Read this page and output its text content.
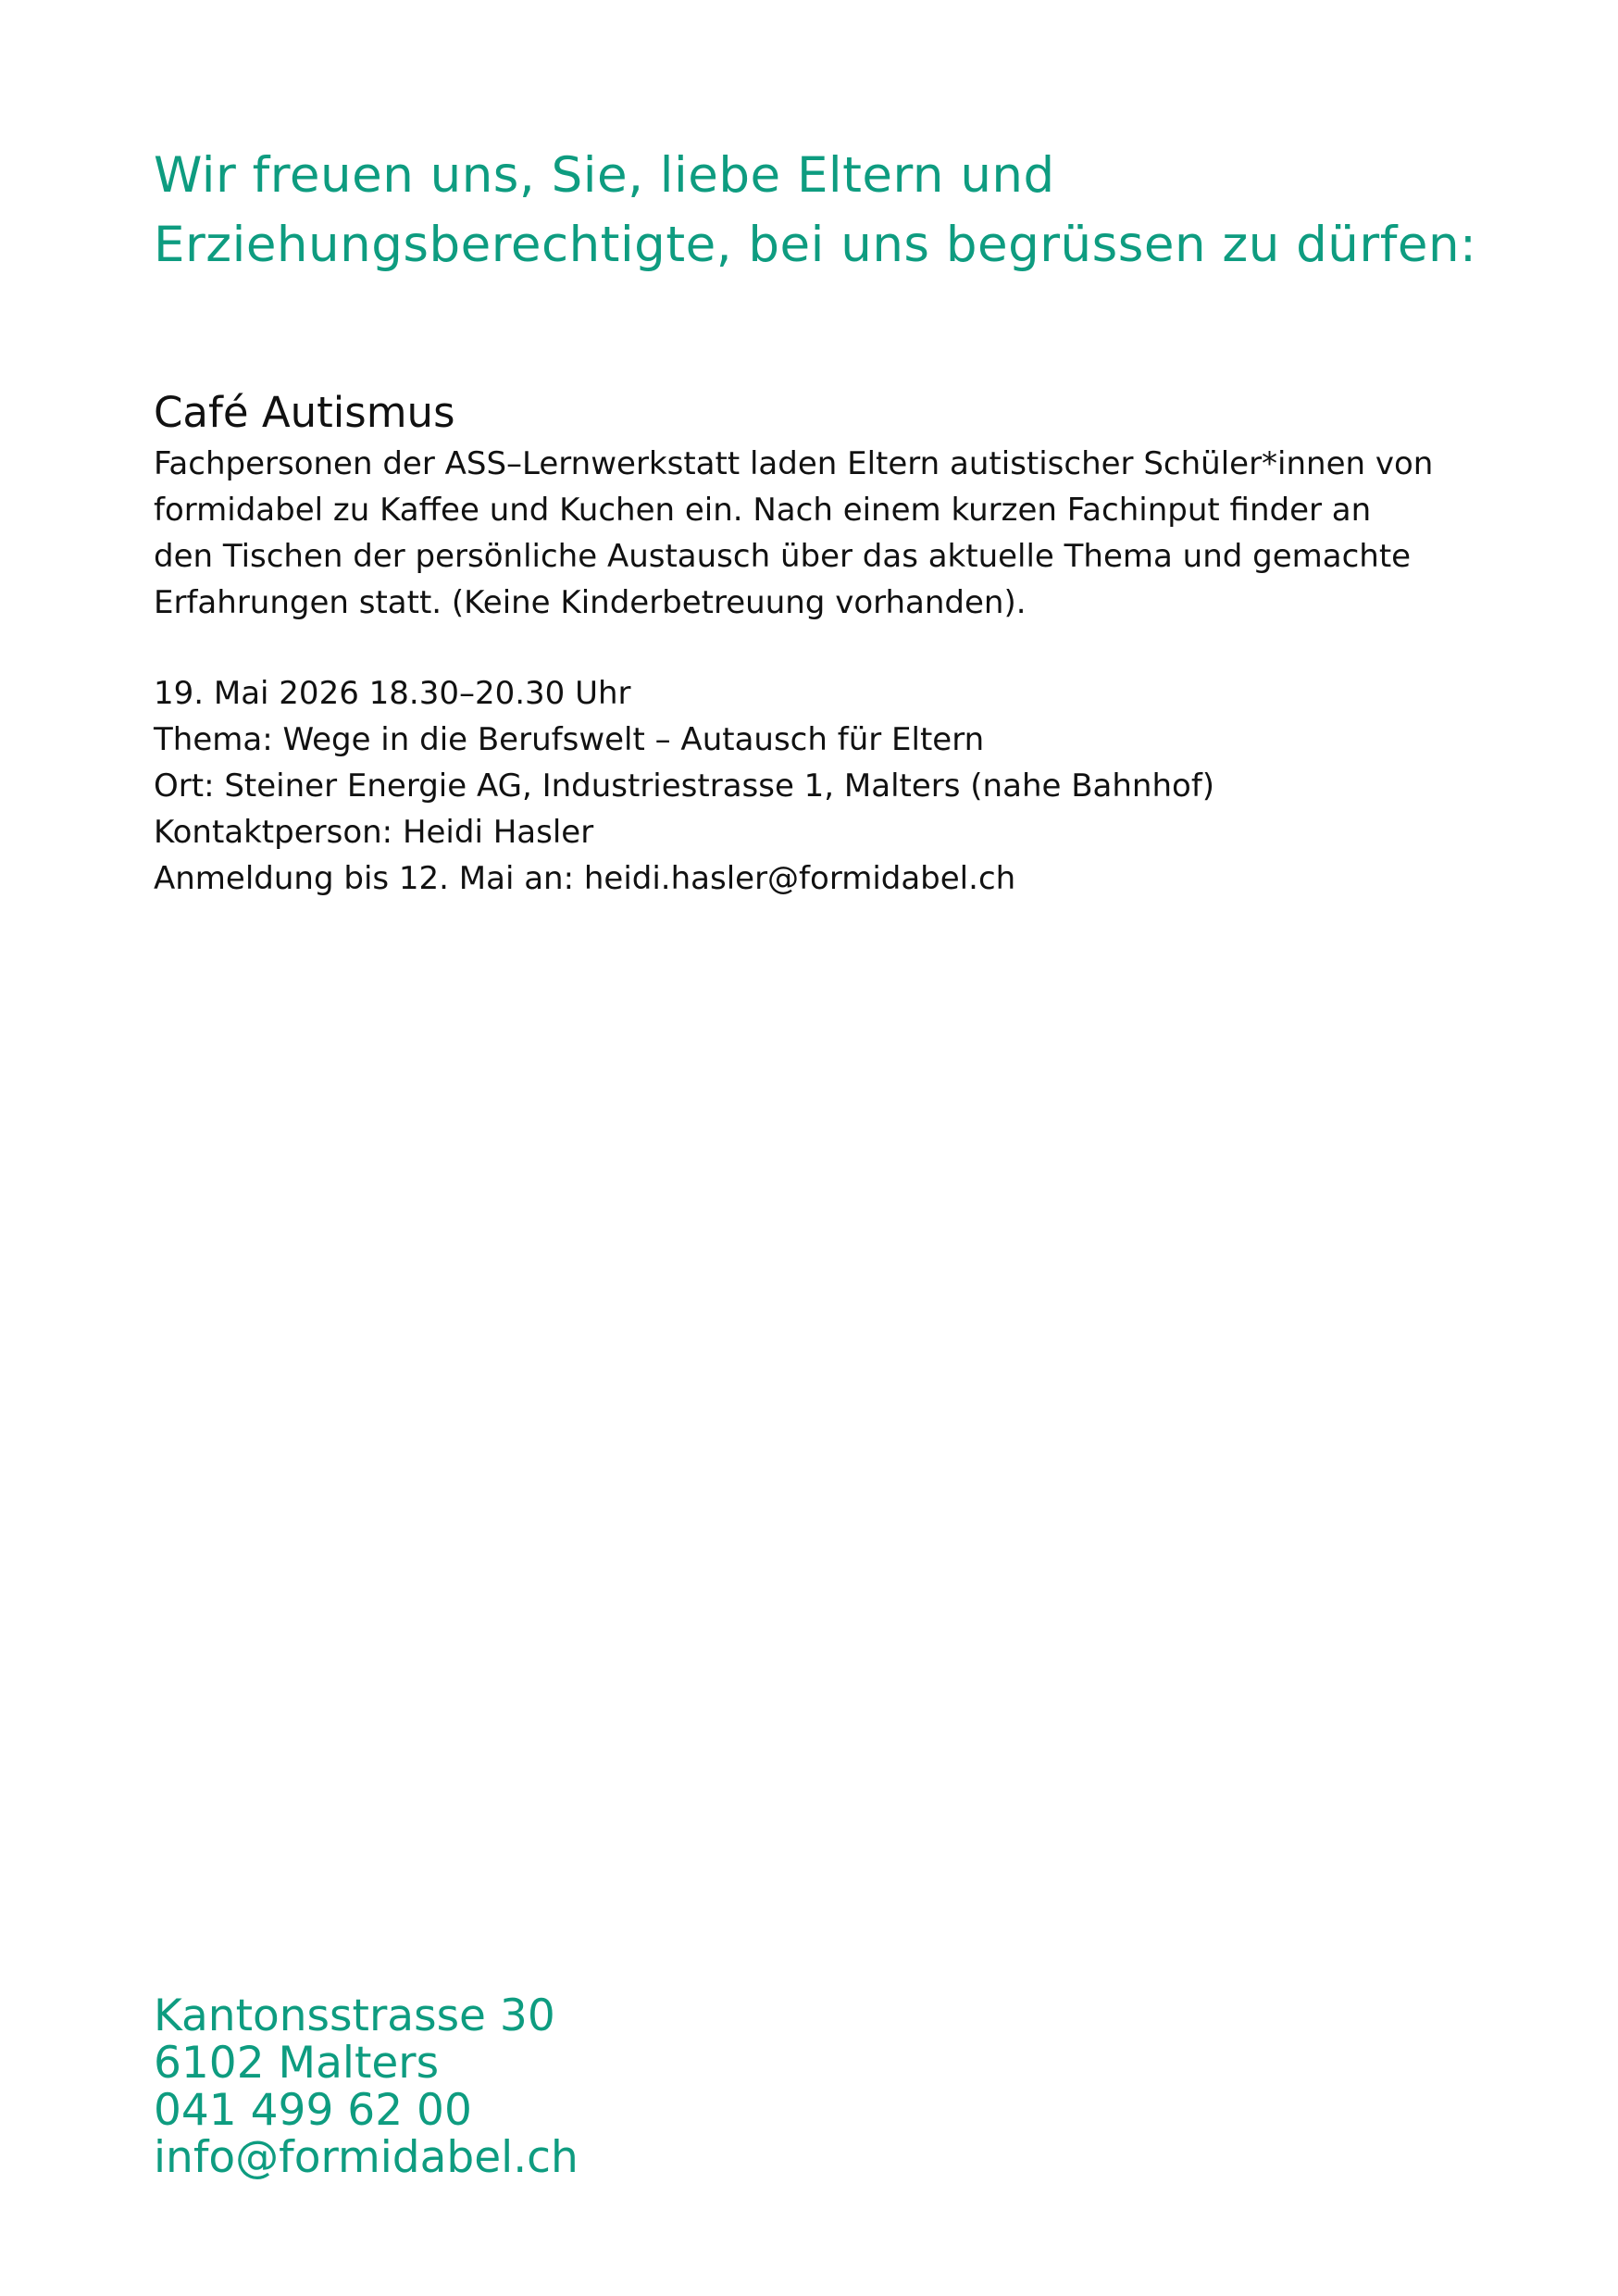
Wir freuen uns, Sie, liebe Eltern und
Erziehungsberechtigte, bei uns begrüssen zu dürfen:
Café Autismus

Fachpersonen der ASS–Lernwerkstatt laden Eltern autistischer Schüler*innen von
formidabel zu Kaffee und Kuchen ein. Nach einem kurzen Fachinput finder an
den Tischen der persönliche Austausch über das aktuelle Thema und gemachte
Erfahrungen statt. (Keine Kinderbetreuung vorhanden).

19. Mai 2026 18.30–20.30 Uhr
Thema: Wege in die Berufswelt – Autausch für Eltern
Ort: Steiner Energie AG, Industriestrasse 1, Malters (nahe Bahnhof)
Kontaktperson: Heidi Hasler
Anmeldung bis 12. Mai an: heidi.hasler@formidabel.ch
Kantonsstrasse 30
6102 Malters
041 499 62 00
info@formidabel.ch
